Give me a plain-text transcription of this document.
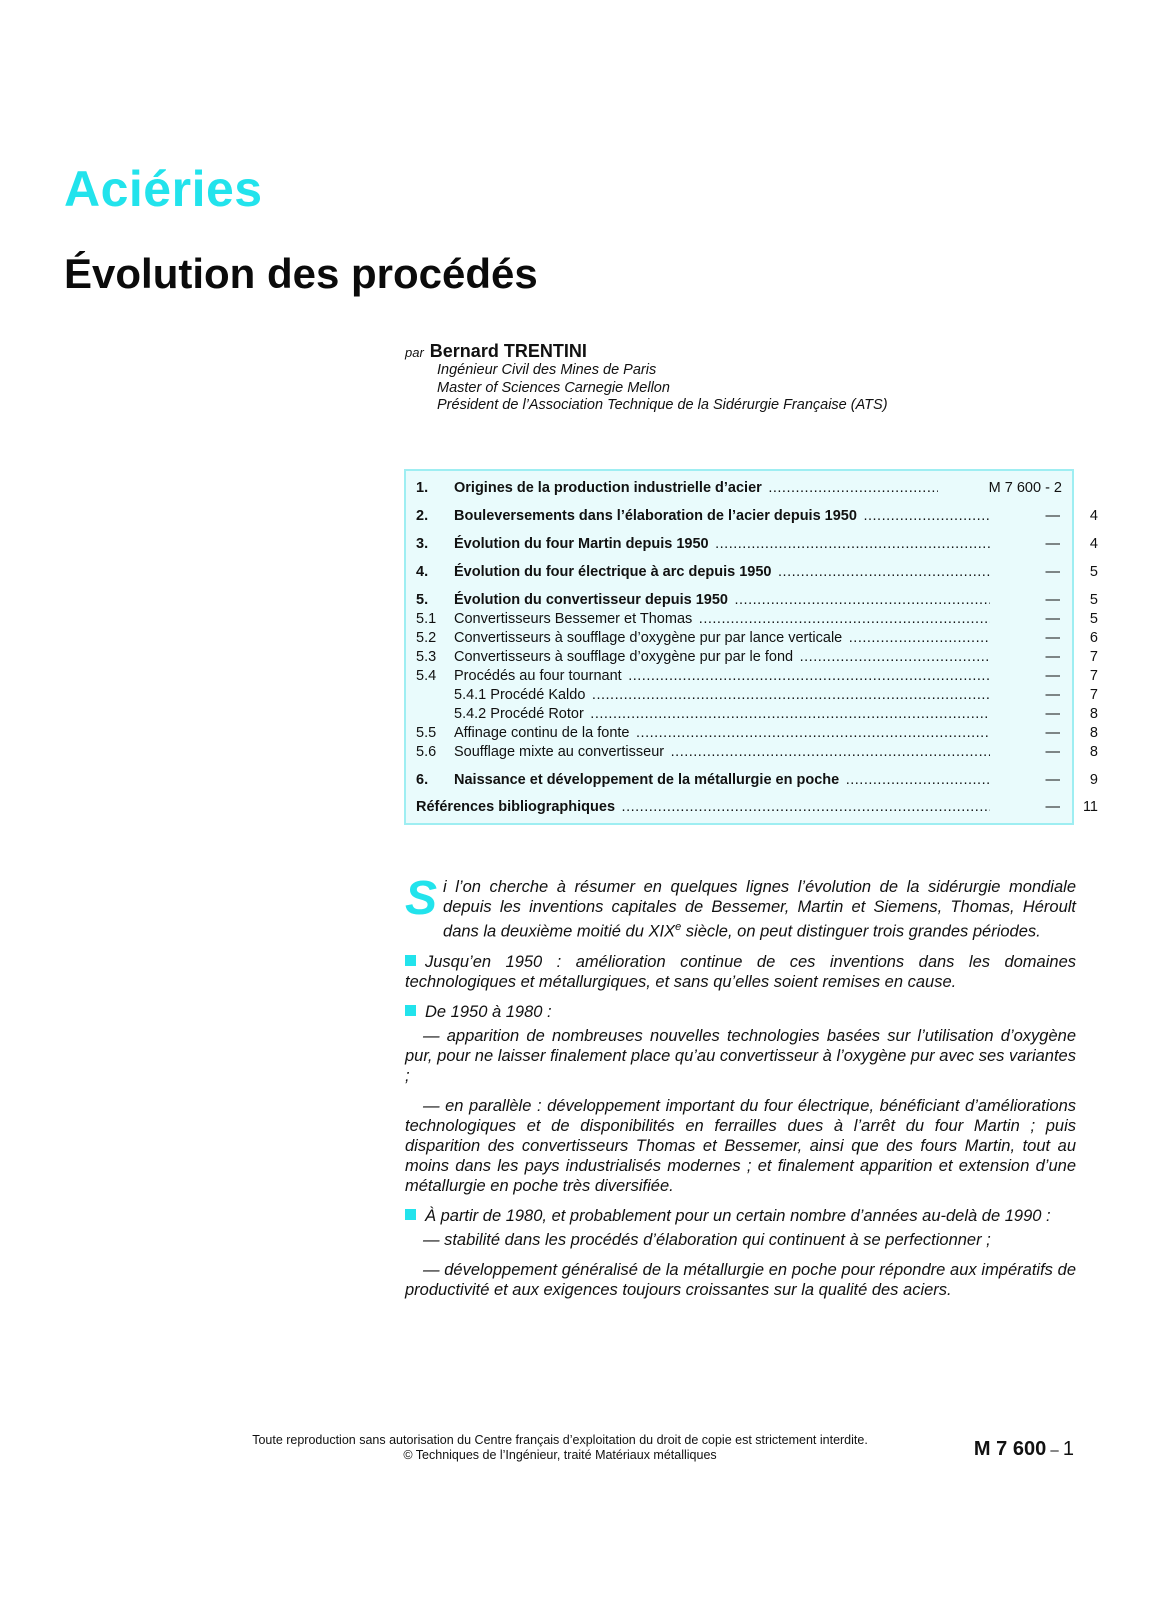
Aciéries
Évolution des procédés
par Bernard TRENTINI
Ingénieur Civil des Mines de Paris
Master of Sciences Carnegie Mellon
Président de l’Association Technique de la Sidérurgie Française (ATS)
1.	Origines de la production industrielle d’acier .....	M 7 600 - 2
2.	Bouleversements dans l’élaboration de l’acier depuis 1950 .....	—	4
3.	Évolution du four Martin depuis 1950 .....	—	4
4.	Évolution du four électrique à arc depuis 1950 .....	—	5
5.	Évolution du convertisseur depuis 1950 .....	—	5
5.1	Convertisseurs Bessemer et Thomas .....	—	5
5.2	Convertisseurs à soufflage d’oxygène pur par lance verticale .....	—	6
5.3	Convertisseurs à soufflage d’oxygène pur par le fond .....	—	7
5.4	Procédés au four tournant .....	—	7
5.4.1 Procédé Kaldo .....	—	7
5.4.2 Procédé Rotor .....	—	8
5.5	Affinage continu de la fonte .....	—	8
5.6	Soufflage mixte au convertisseur .....	—	8
6.	Naissance et développement de la métallurgie en poche .....	—	9
Références bibliographiques .....	—	11

Si l’on cherche à résumer en quelques lignes l’évolution de la sidérurgie mondiale depuis les inventions capitales de Bessemer, Martin et Siemens, Thomas, Héroult dans la deuxième moitié du XIXe siècle, on peut distinguer trois grandes périodes.

Jusqu’en 1950 : amélioration continue de ces inventions dans les domaines technologiques et métallurgiques, et sans qu’elles soient remises en cause.

De 1950 à 1980 :

— apparition de nombreuses nouvelles technologies basées sur l’utilisation d’oxygène pur, pour ne laisser finalement place qu’au convertisseur à l’oxygène pur avec ses variantes ;

— en parallèle : développement important du four électrique, bénéficiant d’améliorations technologiques et de disponibilités en ferrailles dues à l’arrêt du four Martin ; puis disparition des convertisseurs Thomas et Bessemer, ainsi que des fours Martin, tout au moins dans les pays industrialisés modernes ; et finalement apparition et extension d’une métallurgie en poche très diversifiée.

À partir de 1980, et probablement pour un certain nombre d’années au-delà de 1990 :

— stabilité dans les procédés d’élaboration qui continuent à se perfectionner ;

— développement généralisé de la métallurgie en poche pour répondre aux impératifs de productivité et aux exigences toujours croissantes sur la qualité des aciers.

Toute reproduction sans autorisation du Centre français d’exploitation du droit de copie est strictement interdite.
© Techniques de l’Ingénieur, traité Matériaux métalliques	M 7 600 – 1
